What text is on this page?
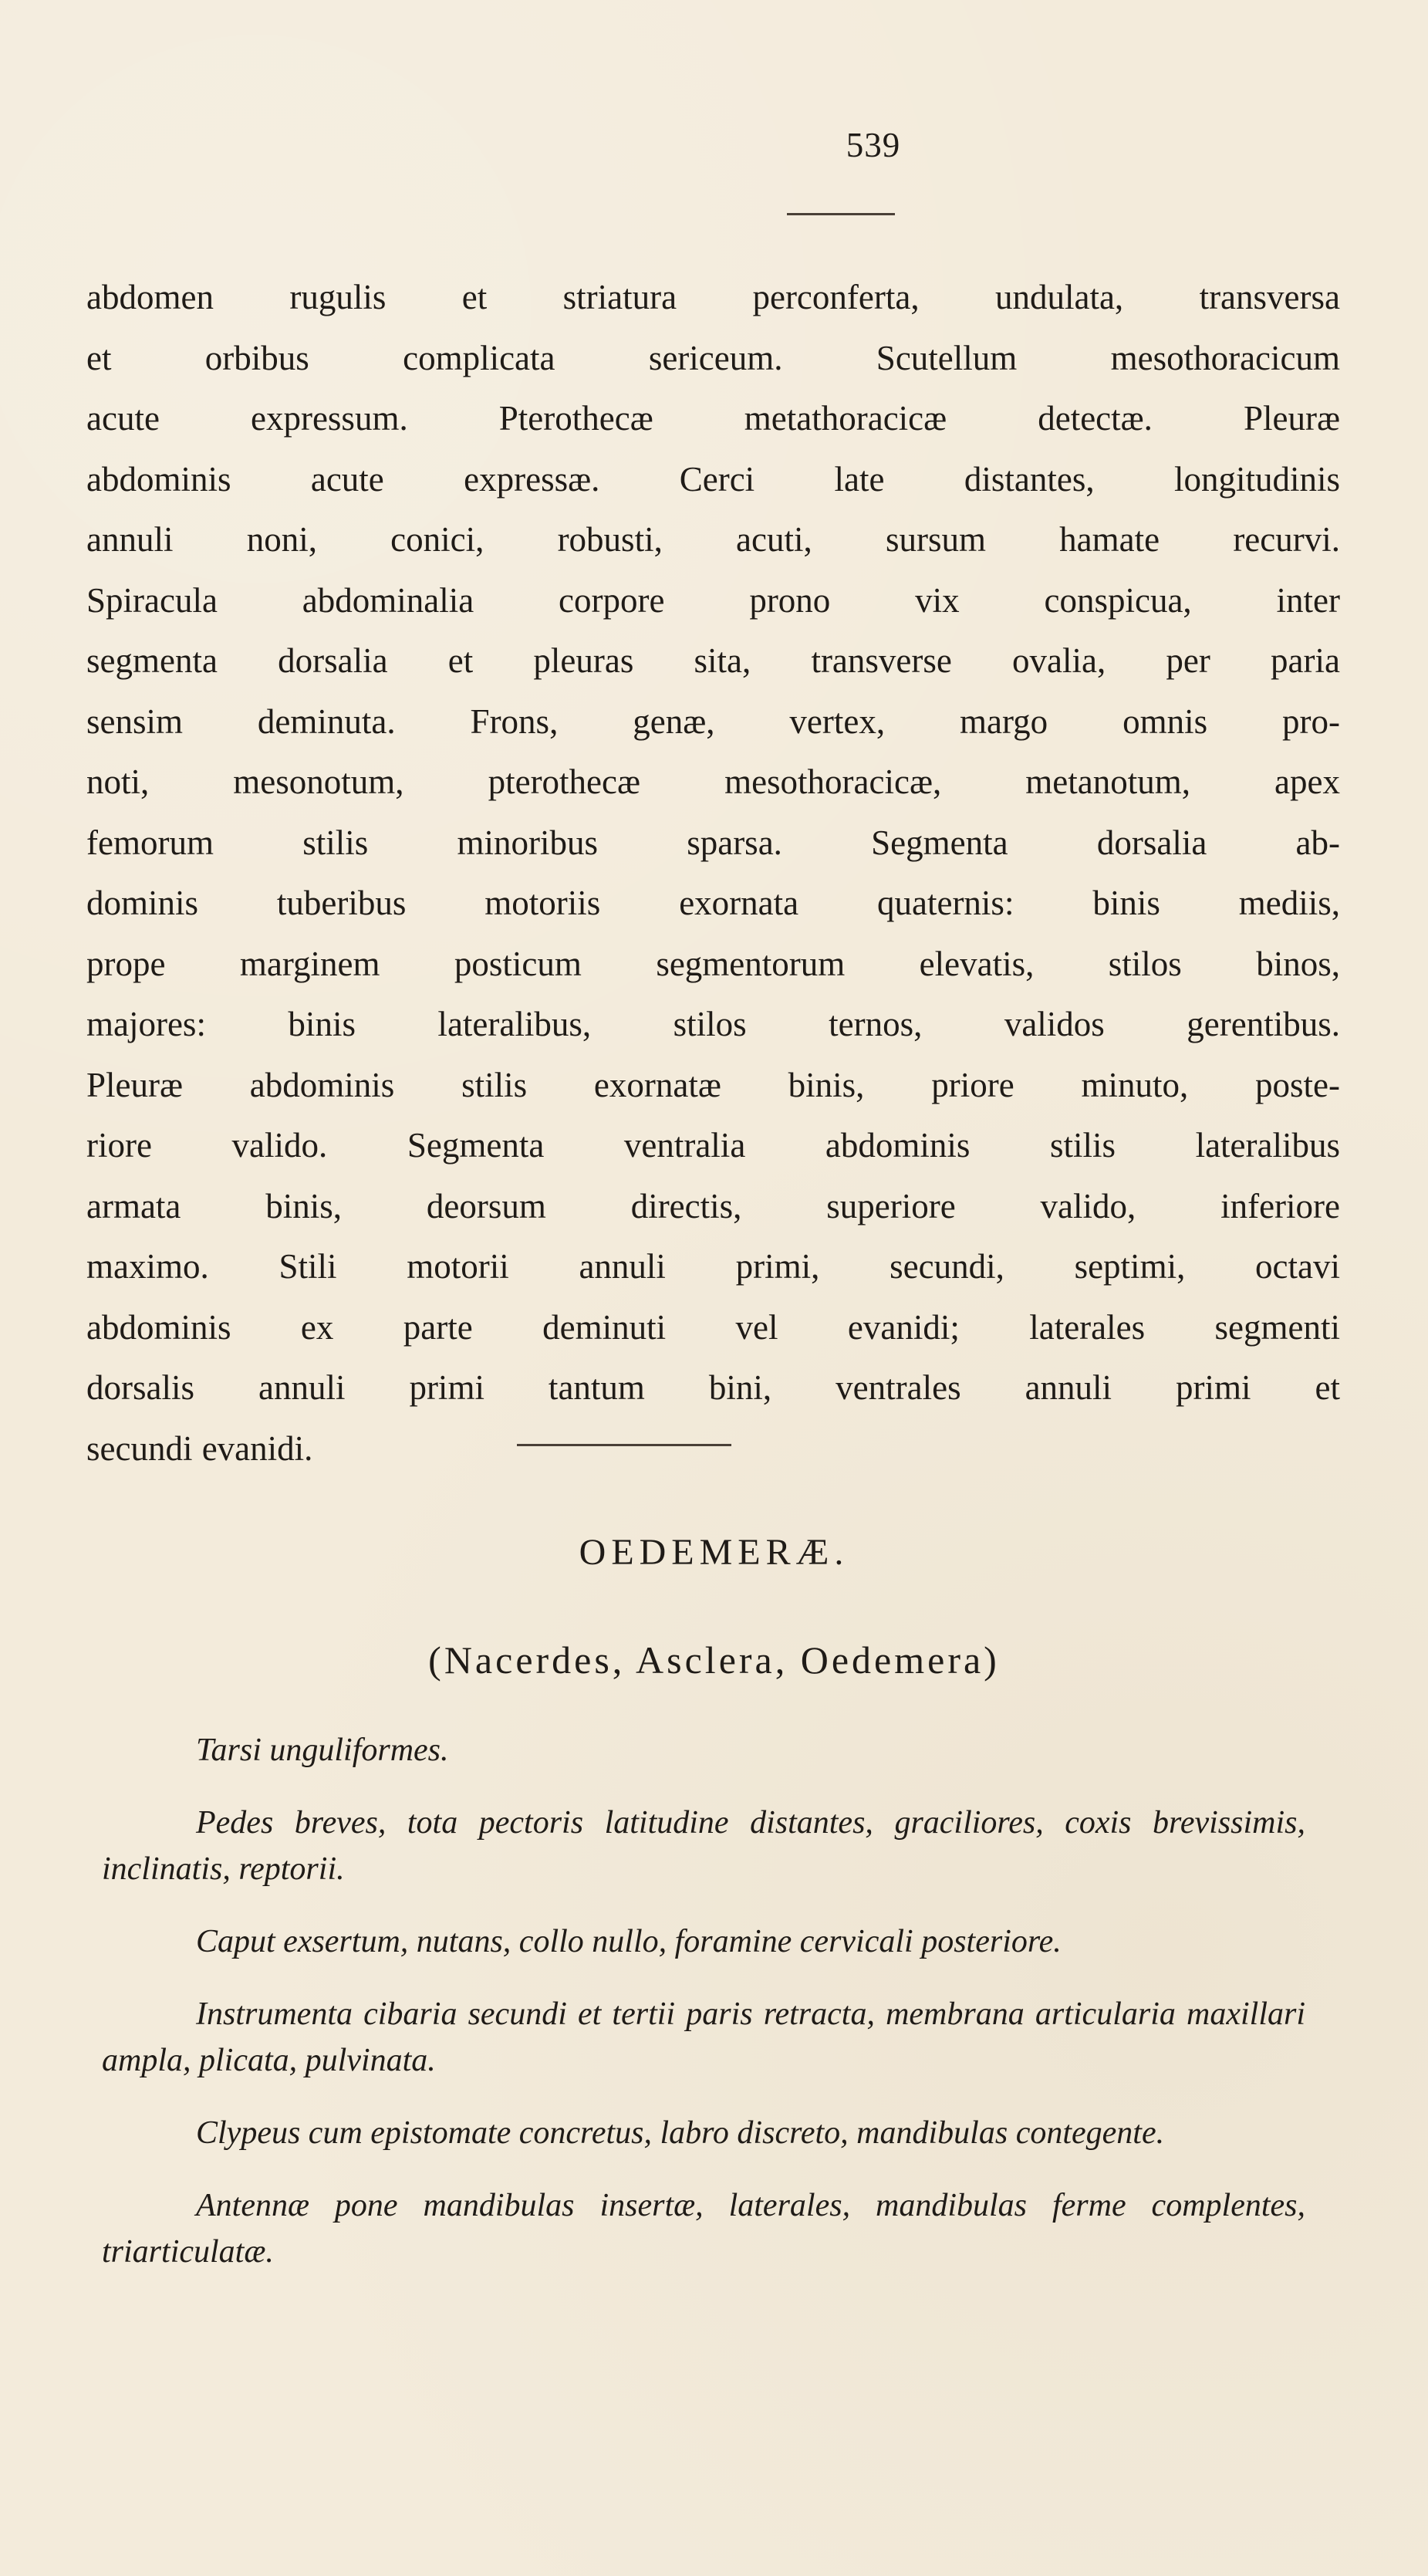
539
abdomen rugulis et striatura perconferta, undulata, transversa
et orbibus complicata sericeum. Scutellum mesothoracicum
acute expressum. Pterothecæ metathoracicæ detectæ. Pleuræ
abdominis acute expressæ. Cerci late distantes, longitudinis
annuli noni, conici, robusti, acuti, sursum hamate recurvi.
Spiracula abdominalia corpore prono vix conspicua, inter
segmenta dorsalia et pleuras sita, transverse ovalia, per paria
sensim deminuta. Frons, genæ, vertex, margo omnis pro-
noti, mesonotum, pterothecæ mesothoracicæ, metanotum, apex
femorum stilis minoribus sparsa. Segmenta dorsalia ab-
dominis tuberibus motoriis exornata quaternis: binis mediis,
prope marginem posticum segmentorum elevatis, stilos binos,
majores: binis lateralibus, stilos ternos, validos gerentibus.
Pleuræ abdominis stilis exornatæ binis, priore minuto, poste-
riore valido. Segmenta ventralia abdominis stilis lateralibus
armata binis, deorsum directis, superiore valido, inferiore
maximo. Stili motorii annuli primi, secundi, septimi, octavi
abdominis ex parte deminuti vel evanidi; laterales segmenti
dorsalis annuli primi tantum bini, ventrales annuli primi et
secundi evanidi.
OEDEMERÆ.
(Nacerdes, Asclera, Oedemera)

Tarsi unguliformes.

Pedes breves, tota pectoris latitudine distantes, graciliores, coxis brevissimis, inclinatis, reptorii.

Caput exsertum, nutans, collo nullo, foramine cervicali posteriore.

Instrumenta cibaria secundi et tertii paris retracta, membrana articularia maxillari ampla, plicata, pulvinata.

Clypeus cum epistomate concretus, labro discreto, mandibulas contegente.

Antennæ pone mandibulas insertæ, laterales, mandibulas ferme complentes, triarticulatæ.
